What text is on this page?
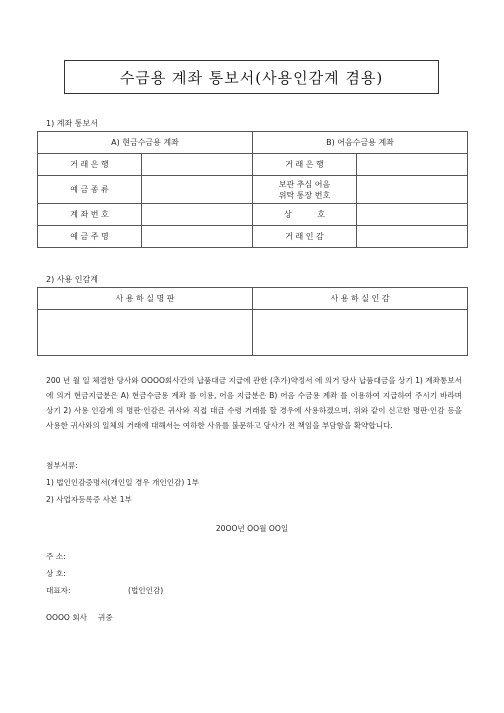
수금용 계좌 통보서(사용인감계 겸용)
1) 계좌 통보서
A) 현금수금용 계좌		B) 어음수금용 계좌	
거 래 은 행		거 래 은 행	
예 금 종 류		보관 추심 어음
위탁 통장 번호	

계 좌 번 호		상          호	
예 금 주 명		거 래 인 감	
2) 사용 인감계
사 용 하 실 명 판	사 용 하 실 인 감

200 년 월 일 체결한 당사와 OOOO회사간의 납품대금 지급에 관한 (추가)약정서 에 의거 당사 납품대금을 상기 1) 계좌통보서 에 의거 현금지급분은 A) 현금수금용 계좌 를 이용, 어음 지급분은 B) 어음 수금용 계좌 를 이용하여 지급하여 주시기 바라며 상기 2) 사용 인감계 의 명판·인감은 귀사와 직접 대금 수령 거래를 할 경우에 사용하겠으며, 위와 같이 신고한 명판·인감 등을 사용한 귀사와의 일체의 거래에 대해서는 여하한 사유를 불문하고 당사가 전 책임을 부담함을 확약합니다.

첨부서류:
1) 법인인감증명서(개인일 경우 개인인감) 1부
2) 사업자등록증 사본 1부
20OO년 OO월 OO일
주 소:
상 호:
대표자:	(법인인감)
OOOO 회사 귀중
